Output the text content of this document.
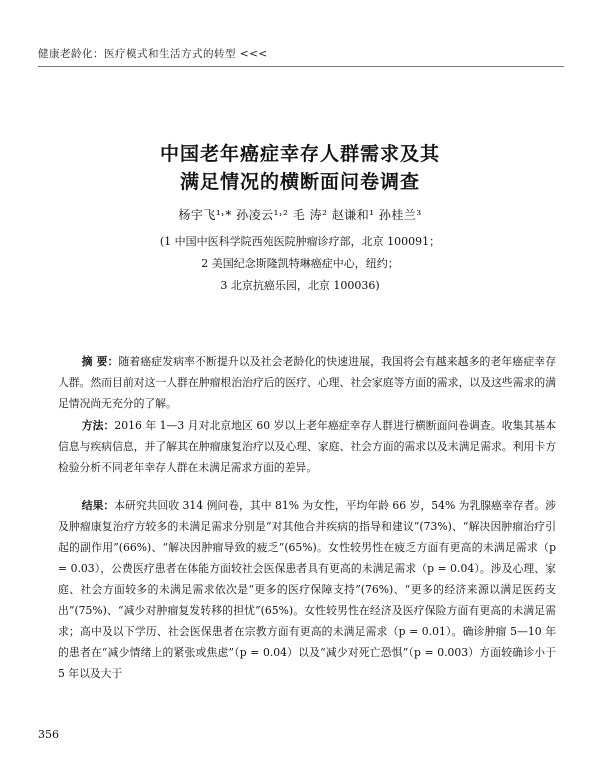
健康老龄化：医疗模式和生活方式的转型 <<<
中国老年癌症幸存人群需求及其
满足情况的横断面问卷调查
杨宇飞¹˒* 孙凌云¹˒² 毛 涛² 赵谦和¹ 孙桂兰³
(1 中国中医科学院西苑医院肿瘤诊疗部，北京 100091；
2 美国纪念斯隆凯特琳癌症中心，纽约；
3 北京抗癌乐园，北京 100036)
摘 要：随着癌症发病率不断提升以及社会老龄化的快速进展，我国将会有越来越多的老年癌症幸存人群。然而目前对这一人群在肿瘤根治治疗后的医疗、心理、社会家庭等方面的需求，以及这些需求的满足情况尚无充分的了解。
方法：2016 年 1—3 月对北京地区 60 岁以上老年癌症幸存人群进行横断面问卷调查。收集其基本信息与疾病信息，并了解其在肿瘤康复治疗以及心理、家庭、社会方面的需求以及未满足需求。利用卡方检验分析不同老年幸存人群在未满足需求方面的差异。
结果：本研究共回收 314 例问卷，其中 81% 为女性，平均年龄 66 岁，54% 为乳腺癌幸存者。涉及肿瘤康复治疗方较多的未满足需求分别是“对其他合并疾病的指导和建议”(73%)、“解决因肿瘤治疗引起的副作用”(66%)、“解决因肿瘤导致的疲乏”(65%)。女性较男性在疲乏方面有更高的未满足需求（p = 0.03），公费医疗患者在体能方面较社会医保患者具有更高的未满足需求（p = 0.04）。涉及心理、家庭、社会方面较多的未满足需求依次是“更多的医疗保障支持”(76%)、“更多的经济来源以满足医药支出”(75%)、“减少对肿瘤复发转移的担忧”(65%)。女性较男性在经济及医疗保险方面有更高的未满足需求；高中及以下学历、社会医保患者在宗教方面有更高的未满足需求（p = 0.01）。确诊肿瘤 5—10 年的患者在“减少情绪上的紧张或焦虑”（p = 0.04）以及“减少对死亡恐惧”（p = 0.003）方面较确诊小于 5 年以及大于
356
